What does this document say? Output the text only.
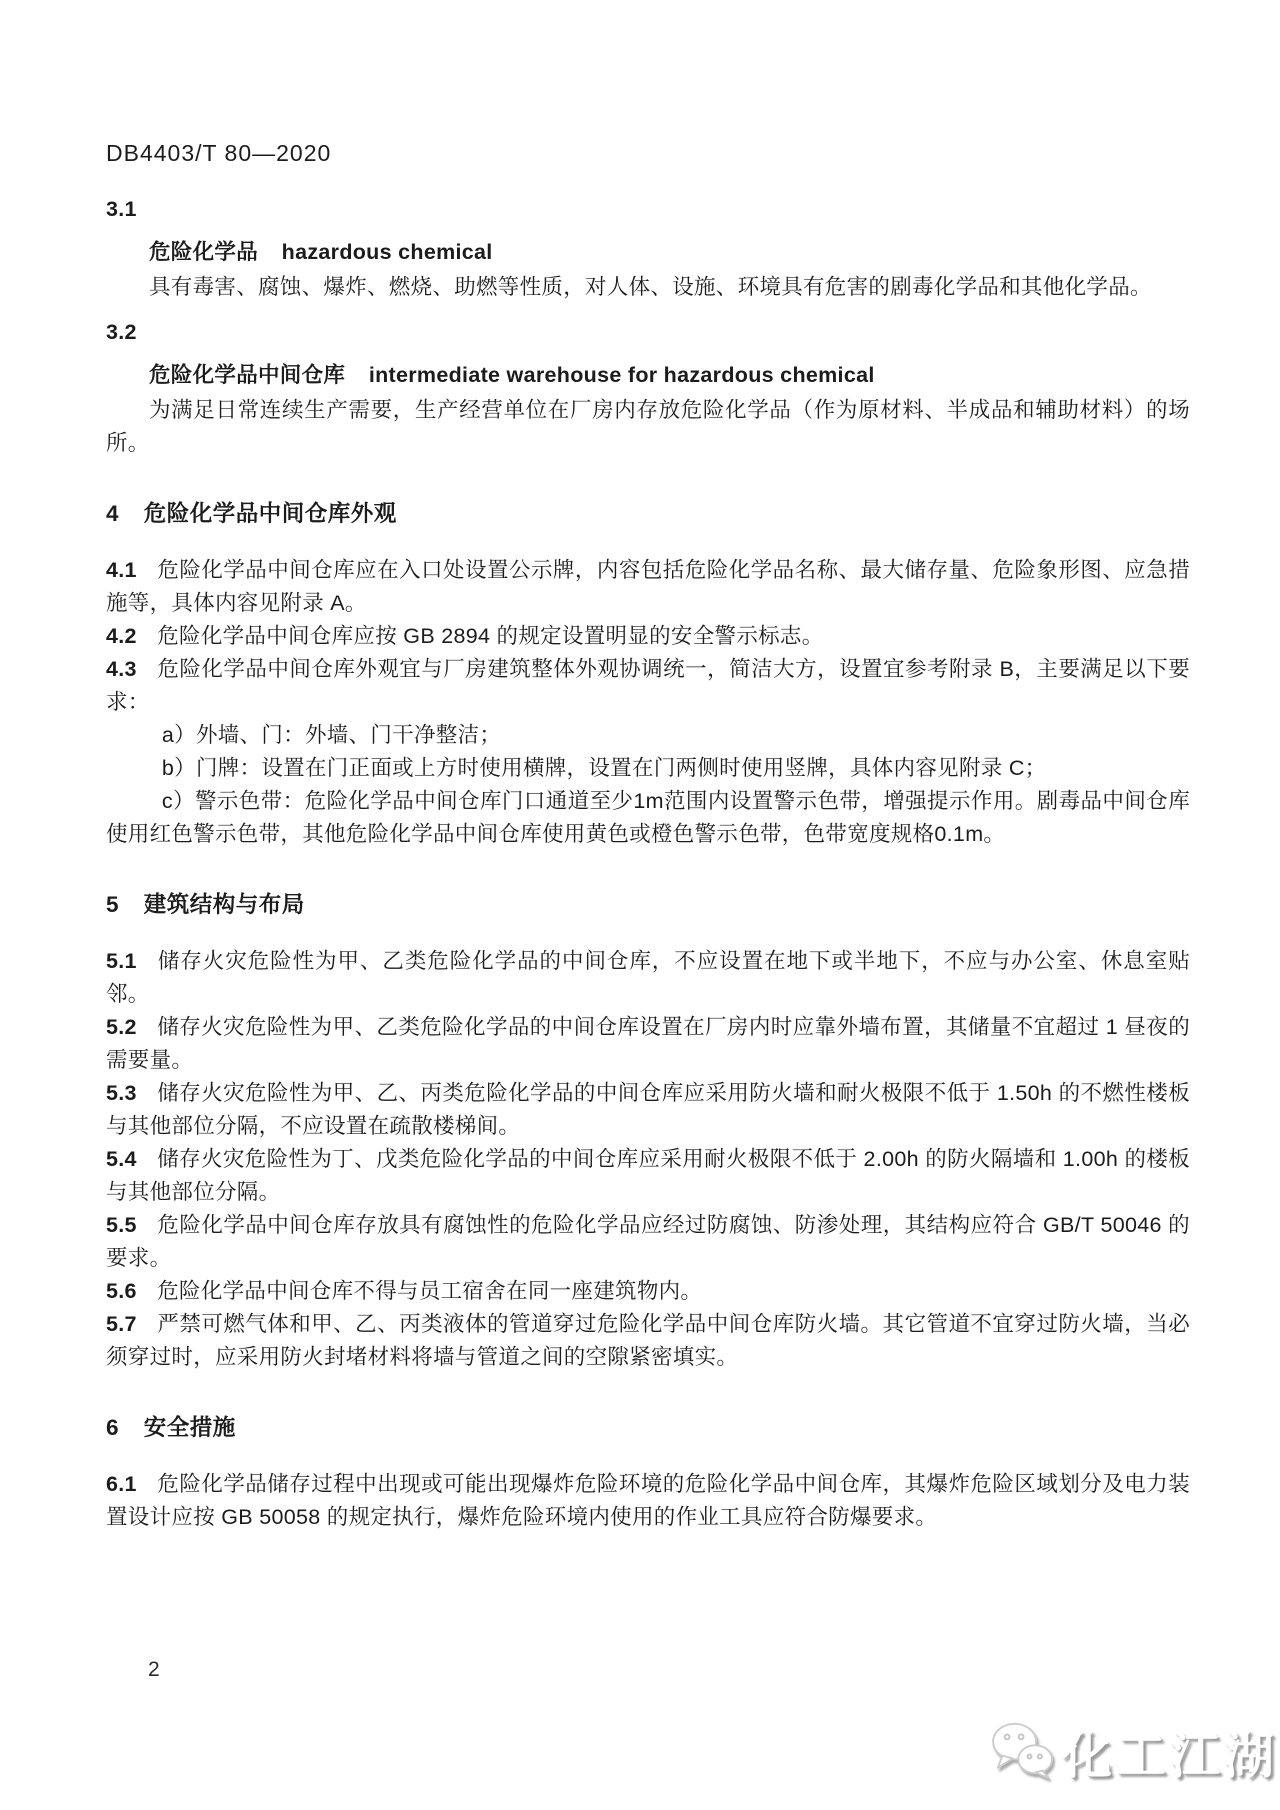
DB4403/T 80—2020

3.1

危险化学品 hazardous chemical

具有毒害、腐蚀、爆炸、燃烧、助燃等性质，对人体、设施、环境具有危害的剧毒化学品和其他化学品。

3.2

危险化学品中间仓库 intermediate warehouse for hazardous chemical

为满足日常连续生产需要，生产经营单位在厂房内存放危险化学品（作为原材料、半成品和辅助材料）的场所。

4 危险化学品中间仓库外观

4.1 危险化学品中间仓库应在入口处设置公示牌，内容包括危险化学品名称、最大储存量、危险象形图、应急措施等，具体内容见附录 A。

4.2 危险化学品中间仓库应按 GB 2894 的规定设置明显的安全警示标志。

4.3 危险化学品中间仓库外观宜与厂房建筑整体外观协调统一，简洁大方，设置宜参考附录 B，主要满足以下要求：

a）外墙、门：外墙、门干净整洁；

b）门牌：设置在门正面或上方时使用横牌，设置在门两侧时使用竖牌，具体内容见附录 C；

c）警示色带：危险化学品中间仓库门口通道至少1m范围内设置警示色带，增强提示作用。剧毒品中间仓库使用红色警示色带，其他危险化学品中间仓库使用黄色或橙色警示色带，色带宽度规格0.1m。

5 建筑结构与布局

5.1 储存火灾危险性为甲、乙类危险化学品的中间仓库，不应设置在地下或半地下，不应与办公室、休息室贴邻。

5.2 储存火灾危险性为甲、乙类危险化学品的中间仓库设置在厂房内时应靠外墙布置，其储量不宜超过 1 昼夜的需要量。

5.3 储存火灾危险性为甲、乙、丙类危险化学品的中间仓库应采用防火墙和耐火极限不低于 1.50h 的不燃性楼板与其他部位分隔，不应设置在疏散楼梯间。

5.4 储存火灾危险性为丁、戊类危险化学品的中间仓库应采用耐火极限不低于 2.00h 的防火隔墙和 1.00h 的楼板与其他部位分隔。

5.5 危险化学品中间仓库存放具有腐蚀性的危险化学品应经过防腐蚀、防渗处理，其结构应符合 GB/T 50046 的要求。

5.6 危险化学品中间仓库不得与员工宿舍在同一座建筑物内。

5.7 严禁可燃气体和甲、乙、丙类液体的管道穿过危险化学品中间仓库防火墙。其它管道不宜穿过防火墙，当必须穿过时，应采用防火封堵材料将墙与管道之间的空隙紧密填实。

6 安全措施

6.1 危险化学品储存过程中出现或可能出现爆炸危险环境的危险化学品中间仓库，其爆炸危险区域划分及电力装置设计应按 GB 50058 的规定执行，爆炸危险环境内使用的作业工具应符合防爆要求。

2
化工江湖
